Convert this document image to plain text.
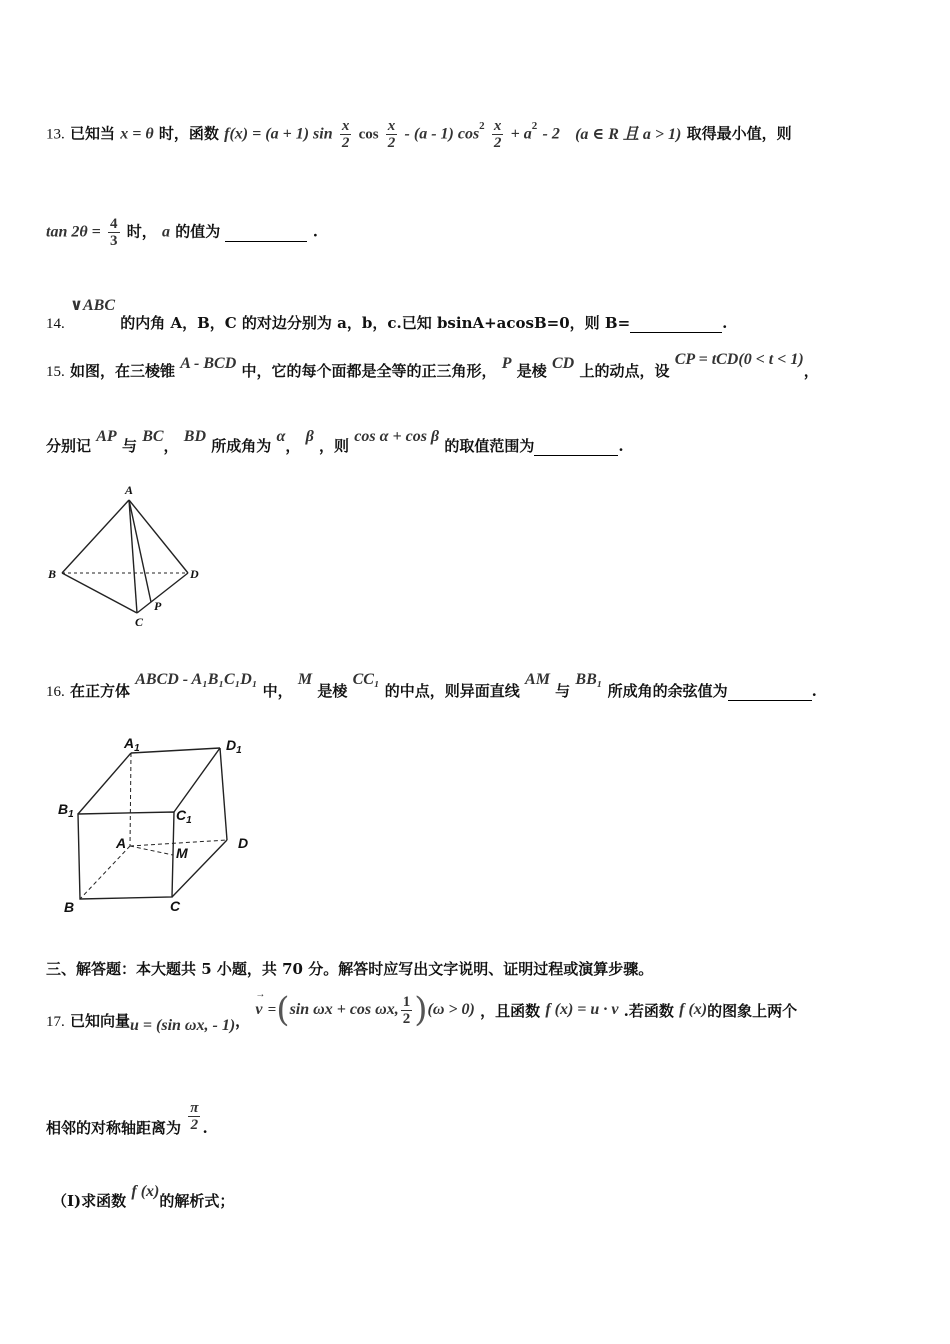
13. 已知当 x = θ 时，函数 f(x) = (a + 1) $\sin \frac{x}{2}$ $\cos \frac{x}{2} - (a - 1)$ $\cos^2 \frac{x}{2} + a^2 - 2$ (a ∈ R 且 a > 1) 取得最小值，则
$\tan 2\theta = \frac{4}{3}$ 时， a 的值为	.
14. ∨ABC 的内角 A，B，C 的对边分别为 a，b，c.已知 bsinA+acosB=0，则 B=	.
15. 如图，在三棱锥 A - BCD 中，它的每个面都是全等的正三角形， P 是棱 CD 上的动点，设 CP = tCD(0 < t < 1)，
分别记 AP 与 BC， BD 所成角为 α， β ，则 cos α + cos β 的取值范围为	.
A
B	D
P
C
16. 在正方体 ABCD - A₁B₁C₁D₁ 中， M 是棱 CC₁ 的中点，则异面直线 AM 与 BB₁ 所成角的余弦值为	.
$A_1$	$D_1$
$B_1$	$C_1$
A
M
D
B	C
三、解答题：本大题共 5 小题，共 70 分。解答时应写出文字说明、证明过程或演算步骤。
17. 已知向量u = (sin ωx, - 1)，
→
v =(sin ωx + cos ωx, $\frac{1}{2} )(\omega > 0)$ ，且函数 f (x) = u · v .若函数 f (x)的图象上两个
相邻的对称轴距离为 $\frac{\pi}{2}$ .
（Ⅰ)求函数 f (x)的解析式；
